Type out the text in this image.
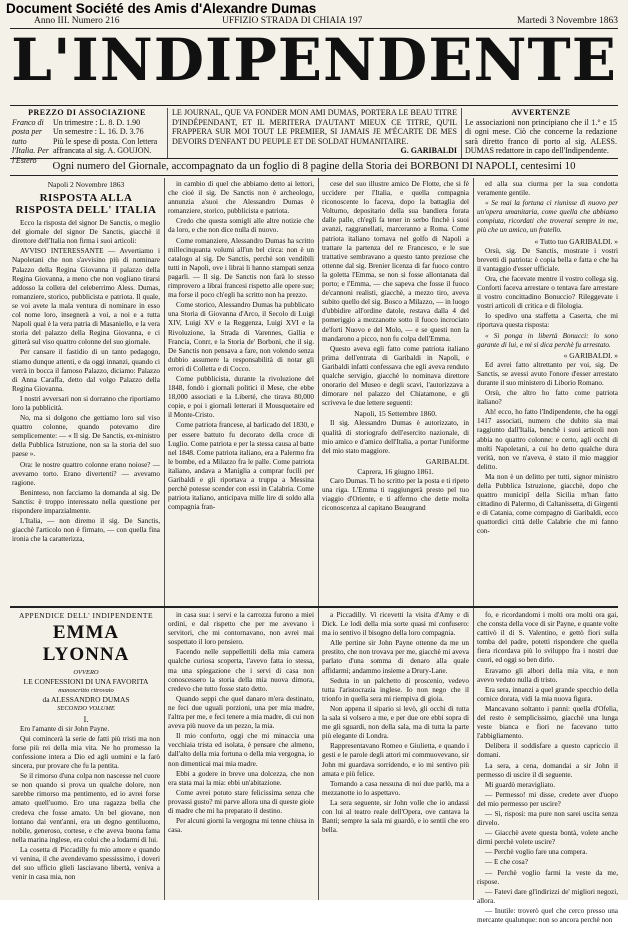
Document Société des Amis d'Alexandre Dumas
Anno III. Numero 216	UFFIZIO STRADA DI CHIAIA 197	Martedi 3 Novembre 1863
L'INDIPENDENTE
PREZZO DI ASSOCIAZIONE
Franco di posta per tutto l'Italia. Per l'Estero
Un trimestre : L. 8. D. 1.90
Un semestre : L. 16. D. 3.76
Più le spese di posta. Con lettera affrancata al sig. A. GOUJON.
LE JOURNAL, QUE VA FONDER MON AMI DUMAS, PORTERA LE BEAU TITRE D'INDÉPENDANT, ET IL MERITERA D'AUTANT MIEUX CE TITRE, QU'IL FRAPPERA SUR MOI TOUT LE PREMIER, SI JAMAIS JE M'ÉCARTE DE MES DEVOIRS D'ENFANT DU PEUPLE ET DE SOLDAT HUMANITAIRE.
G. GARIBALDI
AVVERTENZE
Le associazioni non principiano che il 1.° e 15 di ogni mese. Ciò che concerne la redazione sarà diretto franco di porto al sig. ALESS. DUMAS redattore in capo dell'Indipendente.
Ogni numero del Giornale, accompagnato da un foglio di 8 pagine della Storia dei BORBONI DI NAPOLI, centesimi 10
Napoli 2 Novembre 1863
RISPOSTA ALLA RISPOSTA DELL' ITALIA

Ecco la risposta del signor De Sanctis, o meglio del giornale del signor De Sanctis, giacchè il direttore dell'Italia non firma i suoi articoli:

AVVISO INTERESSANTE — Avvertiamo i Napoletani che non s'avvisino più di nominare Palazzo della Regina Giovanna il palazzo della Regina Giovanna, a meno che non vogliano tirarsi addosso la collera del celeberrimo Aless. Dumas, romanziere, storico, pubblicista e patriota. Il quale, se voi avete la mala ventura di nominare in esso col nome loro, insegnerà a voi, a noi e a tutta Napoli qual è la vera patria di Masaniello, e la vera storia del palazzo della Regina Giovanna, e ci gitterà sul viso quattro colonne del suo giornale.

Per cansare il fastidio di un tanto pedagogo, stiamo dunque attenti, e da oggi innanzi, quando ci verrà in bocca il famoso Palazzo, diciamo: Palazzo di Anna Caraffa, detto dal volgo Palazzo della Regina Giovanna.

I nostri avversari non si dorranno che riportiamo loro la pubblicità.

No, ma si dolgono che gettiamo loro sul viso quattro colonne, quando potevamo dire semplicemente: — « Il sig. De Sanctis, ex-ministro della Pubblica Istruzione, non sa la storia del suo paese ».

Ora: le nostre quattro colonne erano noiose? — avevamo torto. Erano divertenti? — avevamo ragione.

Beninteso, non facciamo la domanda al sig. De Sanctis: è troppo interessato nella questione per rispondere imparzialmente.

L'Italia, — non diremo il sig. De Sanctis, giacchè l'articolo non è firmato, — con quella fina ironia che la caratterizza,

in cambio di quel che abbiamo detto ai lettori, che cioè il sig. De Sanctis non è archeologo, annunzia a'suoi che Alessandro Dumas è romanziere, storico, pubblicista e patriota.

Credo che questa somigli alle altre notizie che da loro, e che non dice nulla di nuovo.

Come romanziere, Alessandro Dumas ha scritto millecinquanta volumi all'un bel circa: non è un catalogo al sig. De Sanctis, perchè son vendibili tutti in Napoli, ove i librai li hanno stampati senza pagarli. — Il sig. De Sanctis non farà lo stesso rimprovero a librai francesi rispetto alle opere sue; ma forse il poco ch'egli ha scritto non ha prezzo.

Come storico, Alessandro Dumas ha pubblicato una Storia di Giovanna d'Arco, il Secolo di Luigi XIV, Luigi XV e la Reggenza, Luigi XVI e la Rivoluzione, la Strada di Varennes, Gallia e Francia, Conrr, e la Storia de' Borboni, che il sig. De Sanctis non pensava a fare, non volendo senza dubbio assumere la responsabilità di notar gli errori di Colletta e di Cocco.

Come pubblicista, durante la rivoluzione del 1848, fondò i giornali politici il Mese, che ebbe 18,000 associati e la Liberté, che tirava 80,000 copie, e poi i giornali letterari il Mousquetaire ed il Monte-Cristo.

Come patriota francese, al barlicado del 1830, e per essere battuto fu decorato della croce di Luglio. Come patriota e per la stessa causa al batte nel 1848. Come patriota italiano, era a Palermo fra le bombe, ed a Milazzo fra le palle. Come patriota italiano, andava a Maniglia a comprar fucili per Garibaldi e gli riportava a truppa a Messina perchè potesse scender con essi in Calabria. Come patriota italiano, anticipava mille lire di soldo alla compagnia fran-

cese del suo illustre amico De Flotte, che si fè uccidere per l'Italia, e quella compagnia riconoscente lo faceva, dopo la battaglia del Volturno, depositario della sua bandiera forata dalle palle, ch'egli fa tener in serbo finchè i suoi avanzi, raggranellati, marceranno a Roma. Come patriota italiano tornava nel golfo di Napoli a trattare la partenza del re Francesco, e le sue trattative sembravano a questo tanto preziose che ottenne dal sig. Brenier licenza di far fuoco contro la goletta l'Emma, se non si fosse allontanata dal porto; e l'Emma, — che sapeva che fosse il fuoco de'cannoni realisti, giacchè, a mezzo tiro, aveva subito quello del sig. Bosco a Milazzo, — in luogo d'ubbidire all'ordine datole, restava dalla 4 del pomeriggio a mezzanotte sotto il fuoco incrociato de'forti Nuovo e del Molo, — e se questi non la mandarono a picco, non fu colpa dell'Emma.

Questo aveva egli fatto come patriota italiano prima dell'entrata di Garibaldi in Napoli, e Garibaldi infatti confessava che egli aveva renduto qualche servigio, giacchè lo nominava direttore onorario del Museo e degli scavi, l'autorizzava a dimorare nel palazzo del Chiatamone, e gli scriveva le due lettere seguenti:

Napoli, 15 Settembre 1860.

Il sig. Alessandro Dumas è autorizzato, in qualità di storiografo dell'esercito nazionale, di mio amico e d'amico dell'Italia, a portar l'uniforme del mio stato maggiore.

GARIBALDI.
Caprera, 16 giugno 1861.

Caro Dumas. Ti ho scritto per la posta e ti ripeto una riga. L'Emma ti raggiungerà presto pel tuo viaggio d'Oriente, e ti affermo che dette molta riconoscenza al capitano Beaugrand

ed alla sua ciurma per la sua condotta veramente gentile.

« Se mai la fortuna ci riunisse di nuovo per un'opera umanitaria, come quella che abbiamo compiuta, ricordati che troverai sempre in me, più che un amico, un fratello.

« Tutto tuo GARIBALDI. »

Orsù, sig. De Sanctis, mostrate i vostri brevetti di patriota: è copia bella e fatta e che ha il vantaggio d'esser ufficiale.

Ora, che facevate mentre il vostro collega sig. Conforti faceva arrestare o tentava fare arrestare il vostro concittadino Bonuccio? Rileggevate i vostri articoli di critica e di filologia.

Io spedivo una staffetta a Caserta, che mi riportava questa risposta:

« Si ponga in libertà Bonucci: lo sono garante di lui, e mi si dica perchè fu arrestato.

« GARIBALDI. »

Ed avrei fatto altrettanto per voi, sig. De Sanctis, se avessi avuto l'onore d'esser arrestato durante il suo ministero di Liborio Romano.

Orsù, che altro ho fatto come patriota italiano?

Ah! ecco, ho fatto l'Indipendente, che ha oggi 1417 associati, numero che dubito sia mai raggiunto dall'Italia, benchè i suoi articoli non abbia no quattro colonne: e certo, agli occhi di molti Napoletani, a cui ho detto qualche dura verità, non ve n'aveva, è stato il mio maggior delitto.

Ma non è un delitto per tutti, signor ministro della Pubblica Istruzione, giacchè, dopo che quattro municipî della Sicilia m'han fatto cittadino di Palermo, di Caltanissetta, di Girgenti e di Catania, come compagno di Garibaldi, ecco quattordici città delle Calabrie che mi fanno con-

APPENDICE DELL' INDIPENDENTE
EMMA LYONNA
OVVERO
LE CONFESSIONI DI UNA FAVORITA
manoscritto ritrovato
da ALESSANDRO DUMAS
SECONDO VOLUME
I.

Ero l'amante di sir John Payne.

Qui comincerà la serie de fatti più tristi ma non forse più rei della mia vita. Ne ho promesso la confessione intera a Dio ed agli uomini e la farò sincera, pur provare che fu la pentita.

Se il rimorso d'una colpa non nascesse nel cuore se non quando si prova un qualche dolore, non sarebbe rimorso ma pentimento, ed io avrei forse amato quell'uomo. Ero una ragazza bella che credeva che fosse amato. Un bel giovane, non lontano dai vent'anni, era un degno gentiluomo, nobile, generoso, cortese, e che aveva buona fama nella marina inglese, era colui che a lodarmi di lui.

La cosetta di Piccadilly fu mio amore e quando vi venina, il che avendevamo spessissimo, i doveri del suo ufficio glieli lasciavano libertà, veniva a venir in casa mia, non

in casa sua: i servi e la carrozza furono a miei ordini, e dal rispetto che per me avevano i servitori, che mi contornavano, non avrei mai sospettato il loro pensiero.

Facendo nelle suppellettili della mia camera qualche curiosa scoperta, l'avevo fatta io stessa, ma una spiegazione che i servi di casa non conoscessero la storia della mia nuova dimora, credevo che tutto fosse stato detto.

Quando seppi che quel danaro m'era destinato, ne feci due uguali porzioni, una per mia madre, l'altra per me, e feci tenere a mia madre, di cui non aveva più nuove da un pezzo, la mia.

Il mio conforto, oggi che mi minaccia una vecchiaia trista ed isolata, è pensare che almeno, dall'alto della mia fortuna o della mia vergogna, io non dimenticai mai mia madre.

Ebbi a godere in breve una dolcezza, che non era stata mai la mia: ebbi un'abitazione.

Come avrei potuto stare felicissima senza che provassi gusto? mi parve allora una di queste gioie di madre che mi ha preparato il destino.

Per alcuni giorni la vergogna mi tenne chiusa in casa.

a Piccadilly. Vi ricevetti la visita d'Amy e di Dick. Le lodi della mia sorte quasi mi confusero: ma io sentivo il bisogno della loro compagnia.

Alle pertine sir John Payne ottenne da me un prestito, che non trovava per me, giacchè mi aveva parlato d'una somma di denaro alla quale affidarmi; andammo insieme a Drury-Lane.

Seduta in un palchetto di proscenio, vedevo tutta l'aristocrazia inglese. Io non nego che il trionfo in quella sera mi riempiva di gioia.

Non appena il sipario si levò, gli occhi di tutta la sala si volsero a me, e per due ore ebbi sopra di me gli sguardi, non della sala, ma di tutta la parte più elegante di Londra.

Rappresentavano Romeo e Giulietta, e quando i gesti e le parole degli attori mi commuovevano, sir John mi guardava sorridendo, e io mi sentivo più amata e più felice.

Tornando a casa nessuna di noi due parlò, ma a mezzanotte io lo aspettavo.

La sera seguente, sir John volle che io andassi con lui al teatro reale dell'Opera, ove cantava la Banti; sempre la sala mi guardò, e io sentii che ero bella.

fo, e ricordandomi i molti ora molti ora gai, che consta della voce di sir Payne, e quante volte cattivò il di S. Valentino, e gettò fiori sulla tomba del padre, potetti rispondere che quella fiera ricordava più lo sviluppo fra i nostri due cuori, ed oggi so ben dirlo.

Eravamo gli albori della mia vita, e non avevo veduto nulla di tristo.

Era sera, innanzi a quel grande specchio della cornice dorata, vidi la mia nuova figura.

Mancavano soltanto i panni: quella d'Ofelia, del resto è semplicissimo, giacchè una lunga veste bianca e fiori ne facevano tutto l'abbigliamento.

Delibera il soddisfare a questo capriccio il domani.

La sera, a cena, domandai a sir John il permesso di uscire il dì seguente.

Mi guardò meravigliato.

— Permesso! mi disse, credete aver d'uopo del mio permesso per uscire?

— Sì, risposi: ma pure non sarei uscita senza dirvelo.

— Giacchè avete questa bontà, volete anche dirmi perchè volete uscire?

— Perchè voglio fare una compera.

— E che cosa?

— Perchè voglio farmi la veste da me, rispose.

— Fatevi dare gl'indirizzi de' migliori negozi, allora.

— Inutile: troverò quel che cerco presso una mercante qualunque: non so ancora perchè non
